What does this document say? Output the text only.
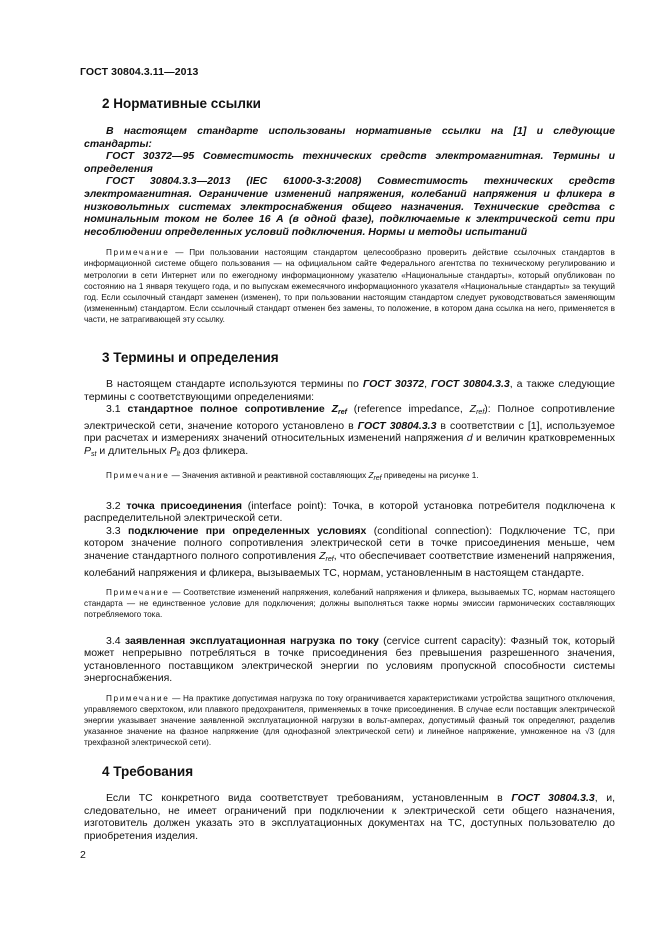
ГОСТ 30804.3.11—2013
2 Нормативные ссылки

В настоящем стандарте использованы нормативные ссылки на [1] и следующие стандарты:

ГОСТ 30372—95 Совместимость технических средств электромагнитная. Термины и определения

ГОСТ 30804.3.3—2013 (IEC 61000-3-3:2008) Совместимость технических средств электромагнитная. Ограничение изменений напряжения, колебаний напряжения и фликера в низковольтных системах электроснабжения общего назначения. Технические средства с номинальным током не более 16 А (в одной фазе), подключаемые к электрической сети при несоблюдении определенных условий подключения. Нормы и методы испытаний

Примечание — При пользовании настоящим стандартом целесообразно проверить действие ссылочных стандартов в информационной системе общего пользования — на официальном сайте Федерального агентства по техническому регулированию и метрологии в сети Интернет или по ежегодному информационному указателю «Национальные стандарты», который опубликован по состоянию на 1 января текущего года, и по выпускам ежемесячного информационного указателя «Национальные стандарты» за текущий год. Если ссылочный стандарт заменен (изменен), то при пользовании настоящим стандартом следует руководствоваться заменяющим (измененным) стандартом. Если ссылочный стандарт отменен без замены, то положение, в котором дана ссылка на него, применяется в части, не затрагивающей эту ссылку.

3 Термины и определения

В настоящем стандарте используются термины по ГОСТ 30372, ГОСТ 30804.3.3, а также следующие термины с соответствующими определениями:

3.1 стандартное полное сопротивление $Z_{ref}$ (reference impedance, $Z_{ref}$): Полное сопротивление электрической сети, значение которого установлено в ГОСТ 30804.3.3 в соответствии с [1], используемое при расчетах и измерениях значений относительных изменений напряжения d и величин кратковременных $P_{st}$ и длительных $P_{lt}$ доз фликера.

Примечание — Значения активной и реактивной составляющих $Z_{ref}$ приведены на рисунке 1.

3.2 точка присоединения (interface point): Точка, в которой установка потребителя подключена к распределительной электрической сети.

3.3 подключение при определенных условиях (conditional connection): Подключение ТС, при котором значение полного сопротивления электрической сети в точке присоединения меньше, чем значение стандартного полного сопротивления $Z_{ref}$, что обеспечивает соответствие изменений напряжения, колебаний напряжения и фликера, вызываемых ТС, нормам, установленным в настоящем стандарте.

Примечание — Соответствие изменений напряжения, колебаний напряжения и фликера, вызываемых ТС, нормам настоящего стандарта — не единственное условие для подключения; должны выполняться также нормы эмиссии гармонических составляющих потребляемого тока.

3.4 заявленная эксплуатационная нагрузка по току (cervice current capacity): Фазный ток, который может непрерывно потребляться в точке присоединения без превышения разрешенного значения, установленного поставщиком электрической энергии по условиям пропускной способности системы энергоснабжения.

Примечание — На практике допустимая нагрузка по току ограничивается характеристиками устройства защитного отключения, управляемого сверхтоком, или плавкого предохранителя, применяемых в точке присоединения. В случае если поставщик электрической энергии указывает значение заявленной эксплуатационной нагрузки в вольт-амперах, допустимый фазный ток определяют, разделив указанное значение на фазное напряжение (для однофазной электрической сети) и линейное напряжение, умноженное на √3 (для трехфазной электрической сети).

4 Требования

Если ТС конкретного вида соответствует требованиям, установленным в ГОСТ 30804.3.3, и, следовательно, не имеет ограничений при подключении к электрической сети общего назначения, изготовитель должен указать это в эксплуатационных документах на ТС, доступных пользователю до приобретения изделия.

2
